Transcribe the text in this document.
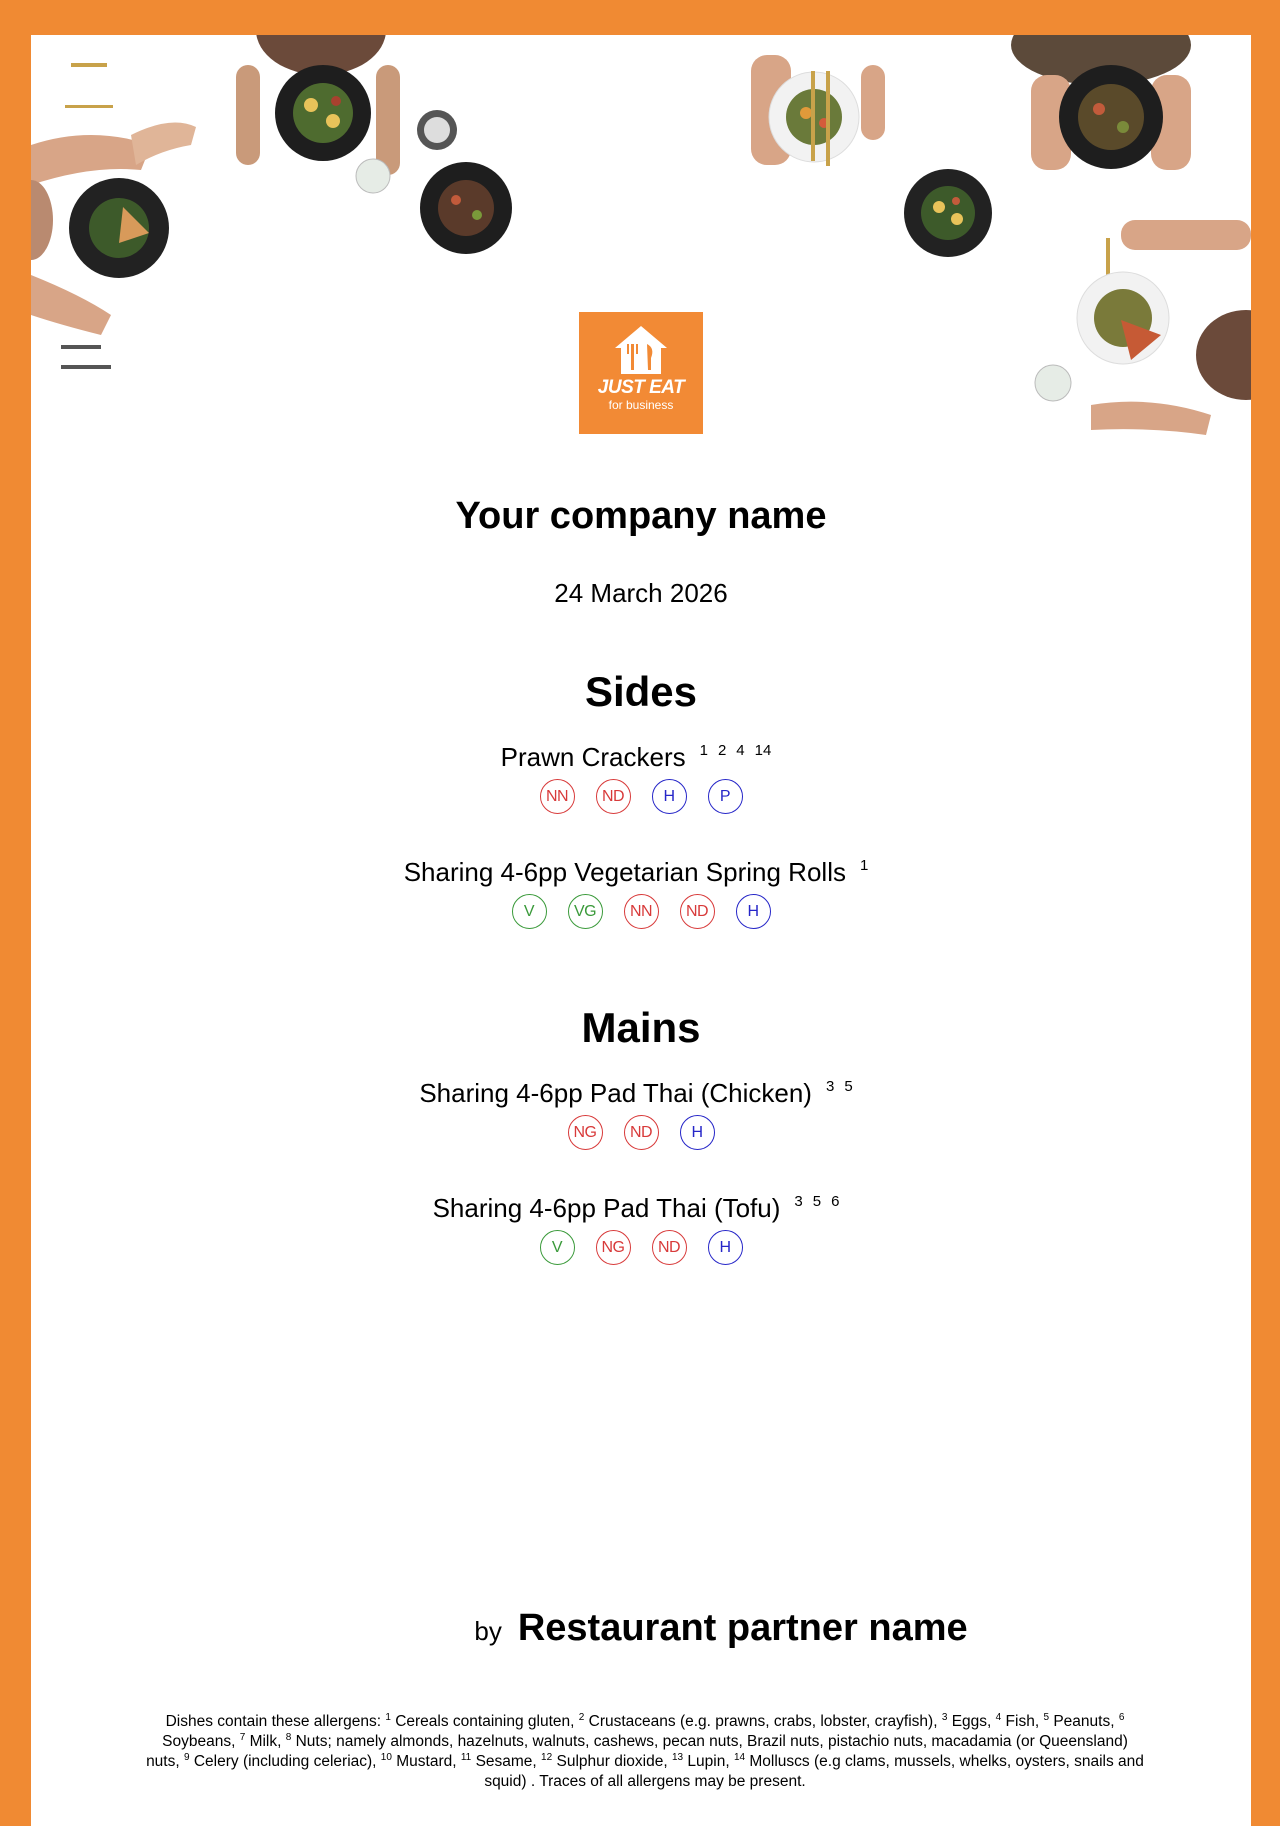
JUST EAT
for business
Your company name
24 March 2026
Sides
Prawn Crackers $^{1 2 4 14}$
NN	ND	H	P
Sharing 4-6pp Vegetarian Spring Rolls $^1$
V	VG	NN	ND	H
Mains
Sharing 4-6pp Pad Thai (Chicken) $^{3 5}$
NG	ND	H
Sharing 4-6pp Pad Thai (Tofu) $^{3 5 6}$
V	NG	ND	H
by Restaurant partner name
Dishes contain these allergens: $^1$ Cereals containing gluten, $^2$ Crustaceans (e.g. prawns, crabs, lobster, crayfish), $^3$ Eggs, $^4$ Fish, $^5$ Peanuts, $^6$ Soybeans, $^7$ Milk, $^8$ Nuts; namely almonds, hazelnuts, walnuts, cashews, pecan nuts, Brazil nuts, pistachio nuts, macadamia (or Queensland) nuts, $^9$ Celery (including celeriac), $^{10}$ Mustard, $^{11}$ Sesame, $^{12}$ Sulphur dioxide, $^{13}$ Lupin, $^{14}$ Molluscs (e.g clams, mussels, whelks, oysters, snails and squid) . Traces of all allergens may be present.
